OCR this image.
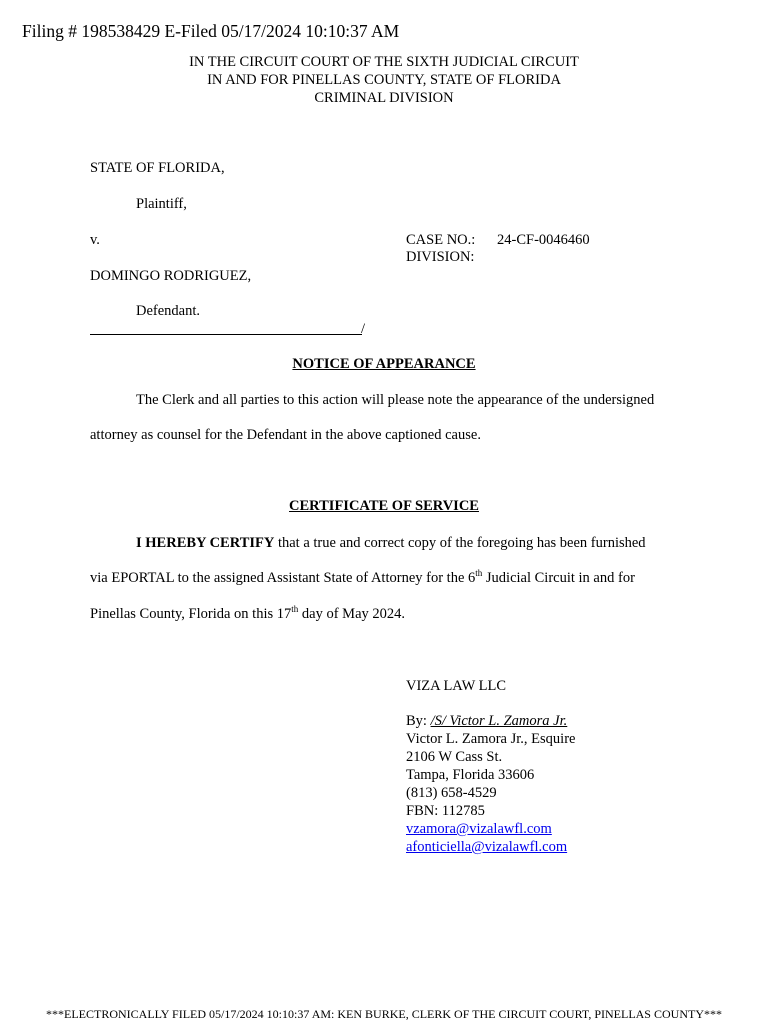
Filing # 198538429 E-Filed 05/17/2024 10:10:37 AM
IN THE CIRCUIT COURT OF THE SIXTH JUDICIAL CIRCUIT
IN AND FOR PINELLAS COUNTY, STATE OF FLORIDA
CRIMINAL DIVISION
STATE OF FLORIDA,
Plaintiff,
v.	CASE NO.: 24-CF-0046460
DIVISION:
DOMINGO RODRIGUEZ,
Defendant.
/
NOTICE OF APPEARANCE
The Clerk and all parties to this action will please note the appearance of the undersigned
attorney as counsel for the Defendant in the above captioned cause.
CERTIFICATE OF SERVICE
I HEREBY CERTIFY that a true and correct copy of the foregoing has been furnished
via EPORTAL to the assigned Assistant State of Attorney for the 6th Judicial Circuit in and for
Pinellas County, Florida on this 17th day of May 2024.
VIZA LAW LLC
By: /S/ Victor L. Zamora Jr.
Victor L. Zamora Jr., Esquire
2106 W Cass St.
Tampa, Florida 33606
(813) 658-4529
FBN: 112785
vzamora@vizalawfl.com
afonticiella@vizalawfl.com
***ELECTRONICALLY FILED 05/17/2024 10:10:37 AM: KEN BURKE, CLERK OF THE CIRCUIT COURT, PINELLAS COUNTY***
